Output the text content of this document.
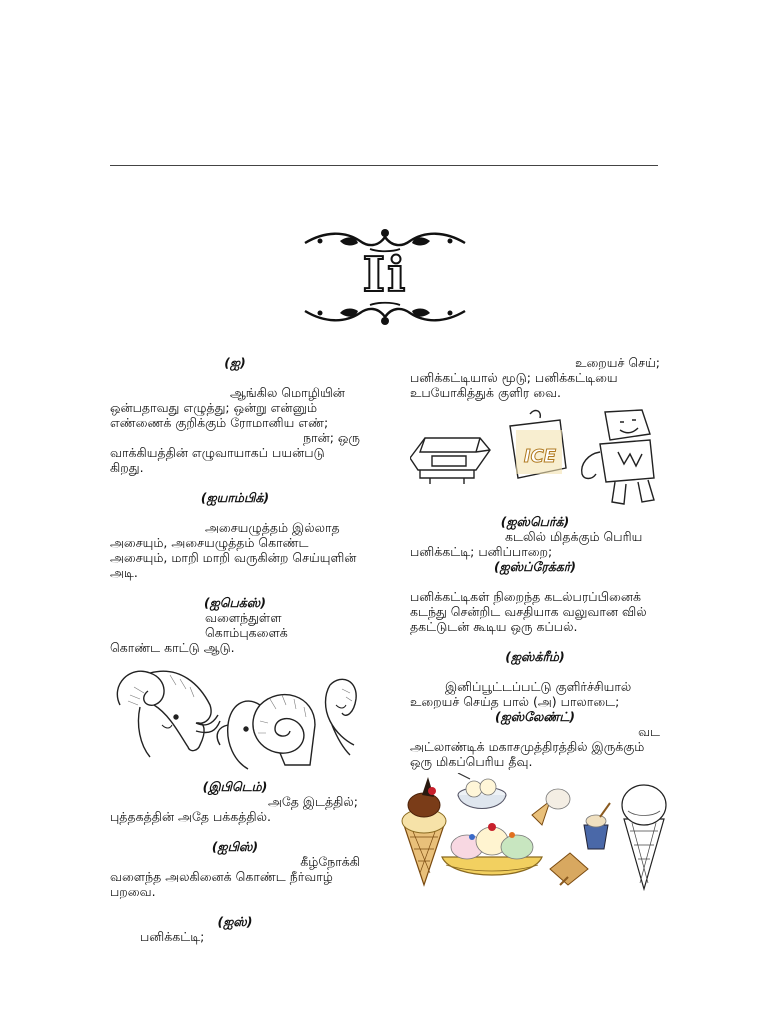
Ii

(ஐ)

ஆங்கில மொழியின்

ஒன்பதாவது எழுத்து; ஒன்று என்னும்

எண்ணைக் குறிக்கும் ரோமானிய எண்;

நான்; ஒரு

வாக்கியத்தின் எழுவாயாகப் பயன்படு

கிறது.

(ஐயாம்பிக்)

அசையழுத்தம் இல்லாத

அசையும், அசையழுத்தம் கொண்ட

அசையும், மாறி மாறி வருகின்ற செய்யுளின்

அடி.

(ஐபெக்ஸ்)

வளைந்துள்ள கொம்புகளைக்

கொண்ட காட்டு ஆடு.

(இபிடெம்)

அதே இடத்தில்;

புத்தகத்தின் அதே பக்கத்தில்.

(ஐபிஸ்)

கீழ்நோக்கி

வளைந்த அலகினைக் கொண்ட நீர்வாழ்

பறவை.

(ஐஸ்)

பனிக்கட்டி;

உறையச் செய்;

பனிக்கட்டியால் மூடு; பனிக்கட்டியை

உபயோகித்துக் குளிர வை.

ICE

(ஐஸ்பெர்க்)

கடலில் மிதக்கும் பெரிய

பனிக்கட்டி; பனிப்பாறை;

(ஐஸ்ப்ரேக்கர்)

பனிக்கட்டிகள் நிறைந்த கடல்பரப்பினைக்

கடந்து சென்றிட வசதியாக வலுவான வில்

தகட்டுடன் கூடிய ஒரு கப்பல்.

(ஐஸ்க்ரீம்)

இனிப்பூட்டப்பட்டு குளிர்ச்சியால்

உறையச் செய்த பால் (அ) பாலாடை;

(ஐஸ்லேண்ட்)

வட

அட்லாண்டிக் மகாசமுத்திரத்தில் இருக்கும்

ஒரு மிகப்பெரிய தீவு.
